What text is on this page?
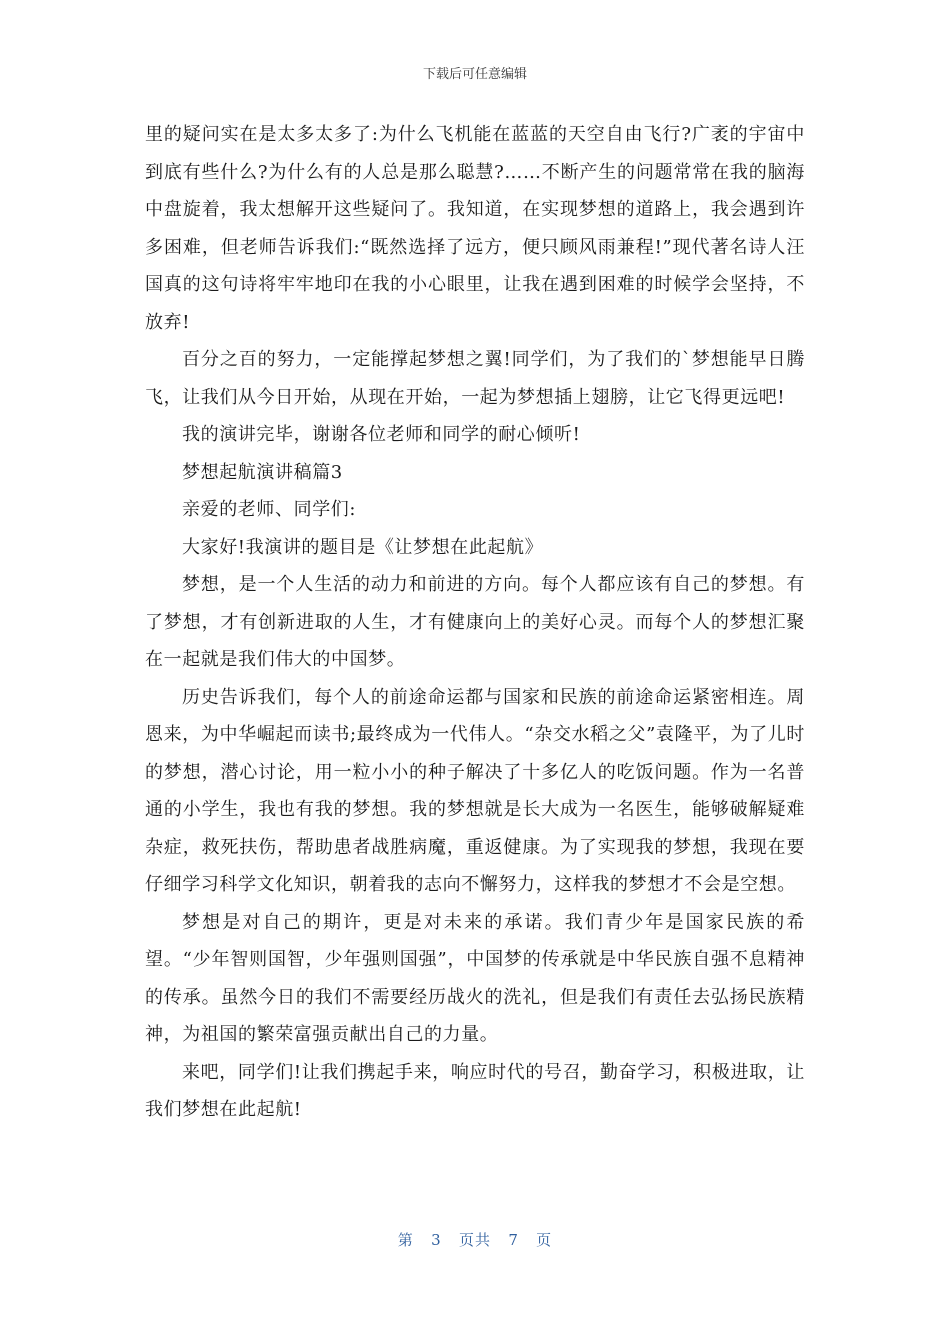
下载后可任意编辑

里的疑问实在是太多太多了:为什么飞机能在蓝蓝的天空自由飞行?广袤的宇宙中到底有些什么?为什么有的人总是那么聪慧?……不断产生的问题常常在我的脑海中盘旋着，我太想解开这些疑问了。我知道，在实现梦想的道路上，我会遇到许多困难，但老师告诉我们:“既然选择了远方，便只顾风雨兼程!”现代著名诗人汪国真的这句诗将牢牢地印在我的小心眼里，让我在遇到困难的时候学会坚持，不放弃!

百分之百的努力，一定能撑起梦想之翼!同学们，为了我们的`梦想能早日腾飞，让我们从今日开始，从现在开始，一起为梦想插上翅膀，让它飞得更远吧!

我的演讲完毕，谢谢各位老师和同学的耐心倾听!

梦想起航演讲稿篇3

亲爱的老师、同学们:

大家好!我演讲的题目是《让梦想在此起航》

梦想，是一个人生活的动力和前进的方向。每个人都应该有自己的梦想。有了梦想，才有创新进取的人生，才有健康向上的美好心灵。而每个人的梦想汇聚在一起就是我们伟大的中国梦。

历史告诉我们，每个人的前途命运都与国家和民族的前途命运紧密相连。周恩来，为中华崛起而读书;最终成为一代伟人。“杂交水稻之父”袁隆平，为了儿时的梦想，潜心讨论，用一粒小小的种子解决了十多亿人的吃饭问题。作为一名普通的小学生，我也有我的梦想。我的梦想就是长大成为一名医生，能够破解疑难杂症，救死扶伤，帮助患者战胜病魔，重返健康。为了实现我的梦想，我现在要仔细学习科学文化知识，朝着我的志向不懈努力，这样我的梦想才不会是空想。

梦想是对自己的期许，更是对未来的承诺。我们青少年是国家民族的希望。“少年智则国智，少年强则国强”，中国梦的传承就是中华民族自强不息精神的传承。虽然今日的我们不需要经历战火的洗礼，但是我们有责任去弘扬民族精神，为祖国的繁荣富强贡献出自己的力量。

来吧，同学们!让我们携起手来，响应时代的号召，勤奋学习，积极进取，让我们梦想在此起航!

第 3 页共 7 页
